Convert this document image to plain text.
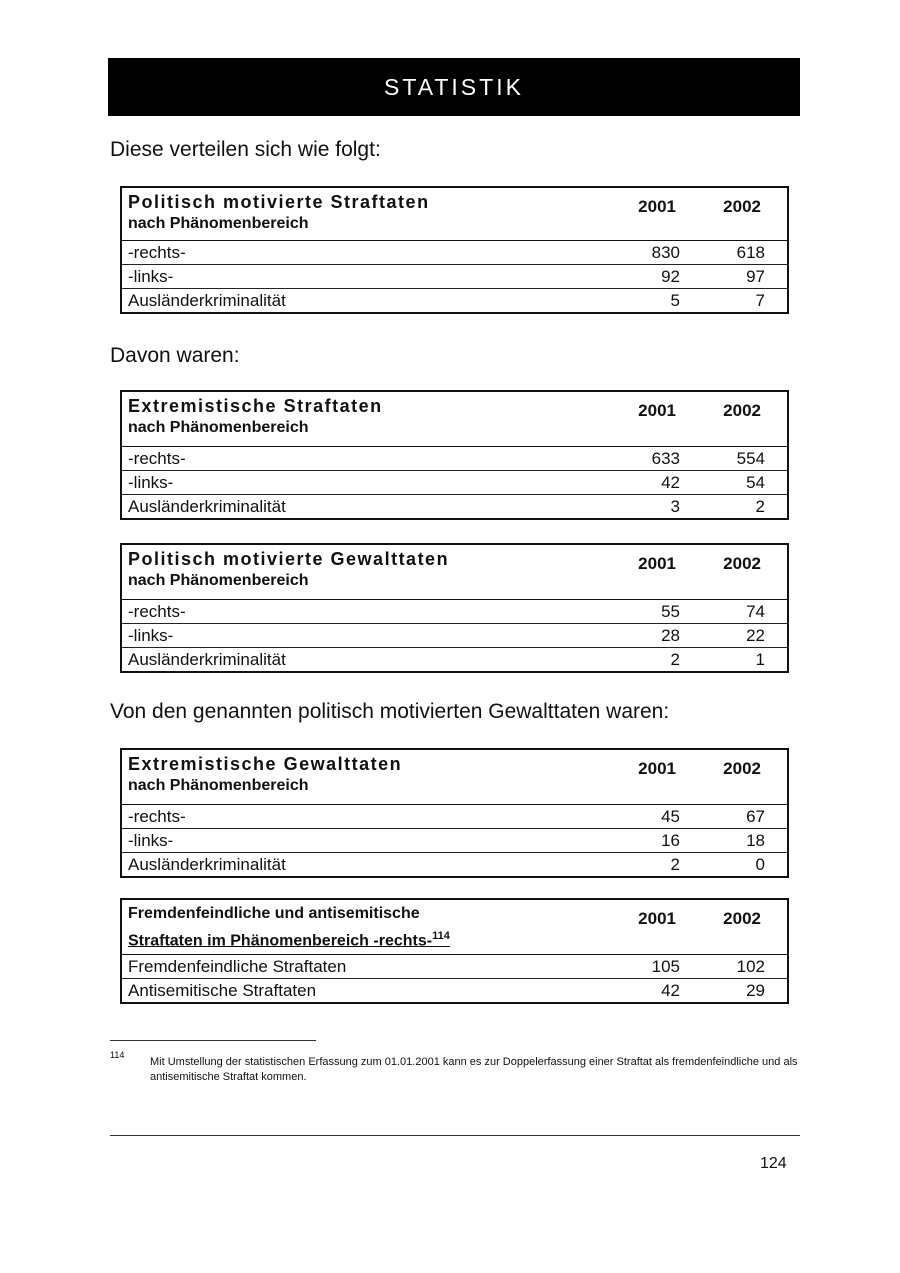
STATISTIK

Diese verteilen sich wie folgt:

Politisch motivierte Straftaten
nach Phänomenbereich	2001	2002

-rechts-	830	618
-links-	92	97
Ausländerkriminalität	5	7

Davon waren:

Extremistische Straftaten
nach Phänomenbereich	2001	2002

-rechts-	633	554
-links-	42	54
Ausländerkriminalität	3	2
Politisch motivierte Gewalttaten
nach Phänomenbereich	2001	2002

-rechts-	55	74
-links-	28	22
Ausländerkriminalität	2	1

Von den genannten politisch motivierten Gewalttaten waren:

Extremistische Gewalttaten
nach Phänomenbereich	2001	2002

-rechts-	45	67
-links-	16	18
Ausländerkriminalität	2	0
Fremdenfeindliche und antisemitische
Straftaten im Phänomenbereich -rechts-$^{114}$	2001	2002

Fremdenfeindliche Straftaten	105	102
Antisemitische Straftaten	42	29
114
Mit Umstellung der statistischen Erfassung zum 01.01.2001 kann es zur Doppelerfassung einer Straftat als fremdenfeindliche und als antisemitische Straftat kommen.
124
